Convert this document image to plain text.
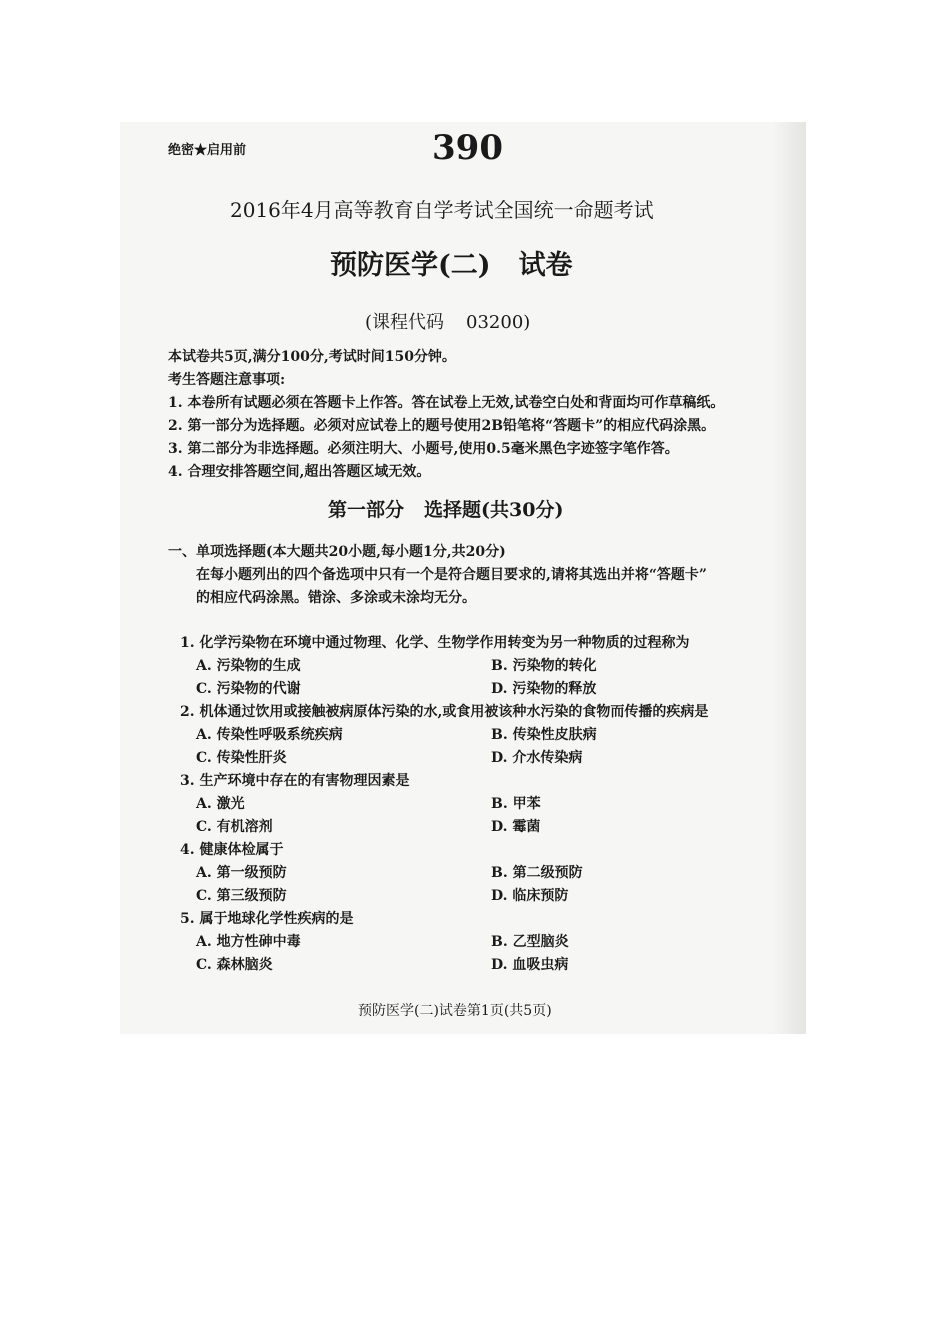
绝密★启用前	390
2016年4月高等教育自学考试全国统一命题考试
预防医学(二) 试卷
(课程代码 03200)
本试卷共5页,满分100分,考试时间150分钟。
考生答题注意事项:
1. 本卷所有试题必须在答题卡上作答。答在试卷上无效,试卷空白处和背面均可作草稿纸。
2. 第一部分为选择题。必须对应试卷上的题号使用2B铅笔将“答题卡”的相应代码涂黑。
3. 第二部分为非选择题。必须注明大、小题号,使用0.5毫米黑色字迹签字笔作答。
4. 合理安排答题空间,超出答题区域无效。
第一部分 选择题(共30分)
一、单项选择题(本大题共20小题,每小题1分,共20分)
在每小题列出的四个备选项中只有一个是符合题目要求的,请将其选出并将“答题卡”
的相应代码涂黑。错涂、多涂或未涂均无分。
1. 化学污染物在环境中通过物理、化学、生物学作用转变为另一种物质的过程称为
A. 污染物的生成	B. 污染物的转化
C. 污染物的代谢	D. 污染物的释放
2. 机体通过饮用或接触被病原体污染的水,或食用被该种水污染的食物而传播的疾病是
A. 传染性呼吸系统疾病	B. 传染性皮肤病
C. 传染性肝炎	D. 介水传染病
3. 生产环境中存在的有害物理因素是
A. 激光	B. 甲苯
C. 有机溶剂	D. 霉菌
4. 健康体检属于
A. 第一级预防	B. 第二级预防
C. 第三级预防	D. 临床预防
5. 属于地球化学性疾病的是
A. 地方性砷中毒	B. 乙型脑炎
C. 森林脑炎	D. 血吸虫病
预防医学(二)试卷第1页(共5页)
